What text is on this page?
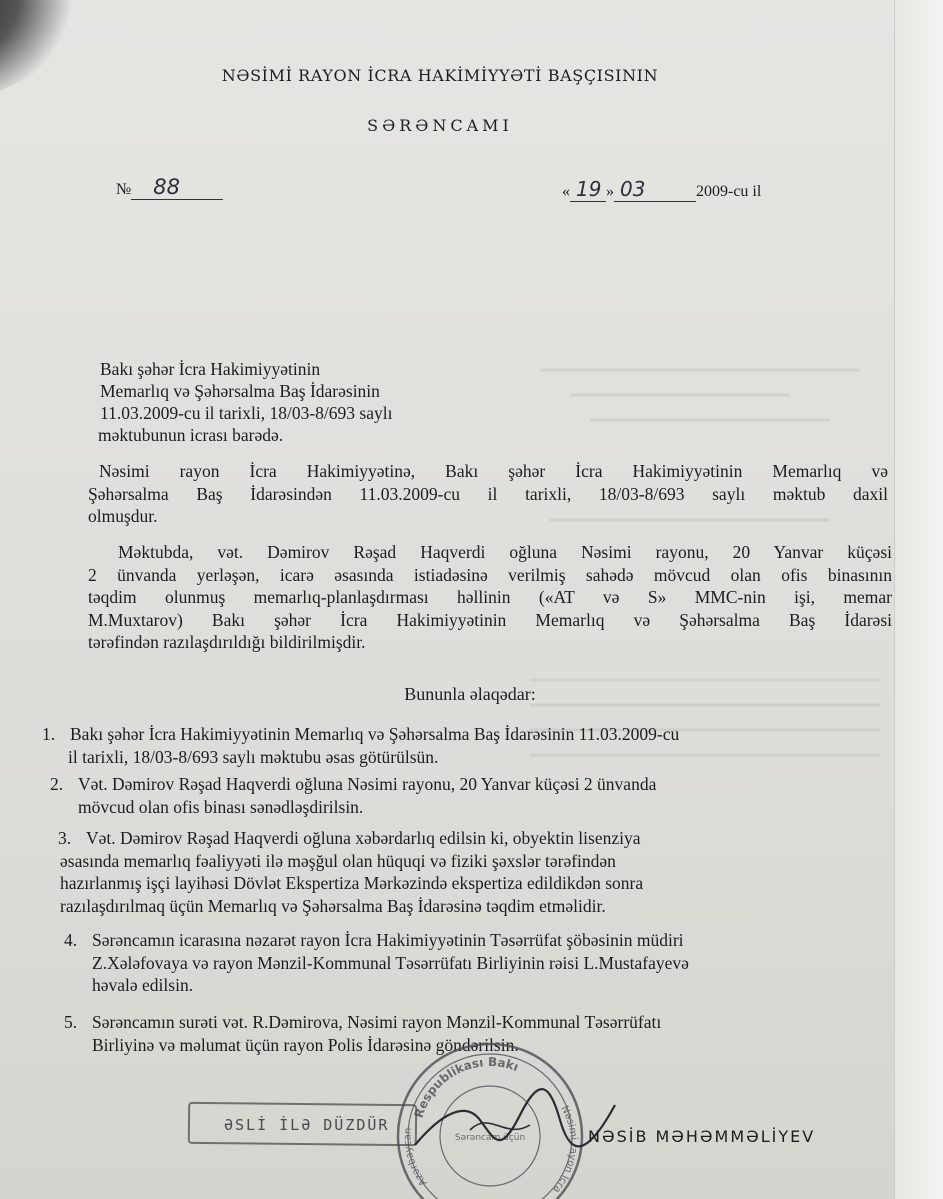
NƏSİMİ RAYON İCRA HAKİMİYYƏTİ BAŞÇISININ
SƏRƏNCAMI
№ 88	« 19 » 03	2009-cu il
Bakı şəhər İcra Hakimiyyətinin
Memarlıq və Şəhərsalma Baş İdarəsinin
11.03.2009-cu il tarixli, 18/03-8/693 saylı
məktubunun icrası barədə.
Nəsimi rayon İcra Hakimiyyətinə, Bakı şəhər İcra Hakimiyyətinin Memarlıq və
Şəhərsalma Baş İdarəsindən 11.03.2009-cu il tarixli, 18/03-8/693 saylı məktub daxil
olmuşdur.
Məktubda, vət. Dəmirov Rəşad Haqverdi oğluna Nəsimi rayonu, 20 Yanvar küçəsi
2 ünvanda yerləşən, icarə əsasında istiadəsinə verilmiş sahədə mövcud olan ofis binasının
təqdim olunmuş memarlıq-planlaşdırması həllinin («AT və S» MMC-nin işi, memar
M.Muxtarov) Bakı şəhər İcra Hakimiyyətinin Memarlıq və Şəhərsalma Baş İdarəsi
tərəfindən razılaşdırıldığı bildirilmişdir.
Bununla əlaqədar:
1. Bakı şəhər İcra Hakimiyyətinin Memarlıq və Şəhərsalma Baş İdarəsinin 11.03.2009-cu
il tarixli, 18/03-8/693 saylı məktubu əsas götürülsün.
2. Vət. Dəmirov Rəşad Haqverdi oğluna Nəsimi rayonu, 20 Yanvar küçəsi 2 ünvanda
mövcud olan ofis binası sənədləşdirilsin.
3. Vət. Dəmirov Rəşad Haqverdi oğluna xəbərdarlıq edilsin ki, obyektin lisenziya
əsasında memarlıq fəaliyyəti ilə məşğul olan hüquqi və fiziki şəxslər tərəfindən
hazırlanmış işçi layihəsi Dövlət Ekspertiza Mərkəzində ekspertiza edildikdən sonra
razılaşdırılmaq üçün Memarlıq və Şəhərsalma Baş İdarəsinə təqdim etməlidir.
4. Sərəncamın icarasına nəzarət rayon İcra Hakimiyyətinin Təsərrüfat şöbəsinin müdiri
Z.Xələfovaya və rayon Mənzil-Kommunal Təsərrüfatı Birliyinin rəisi L.Mustafayevə
həvalə edilsin.
5. Sərəncamın surəti vət. R.Dəmirova, Nəsimi rayon Mənzil-Kommunal Təsərrüfatı
Birliyinə və məlumat üçün rayon Polis İdarəsinə göndərilsin.
ƏSLİ İLƏ DÜZDÜR
Respublikası Bakı
Azərbaycan
Nəsimi rayon İcra
Sərəncam üçün	NƏSİB MƏHƏMMƏLİYEV
